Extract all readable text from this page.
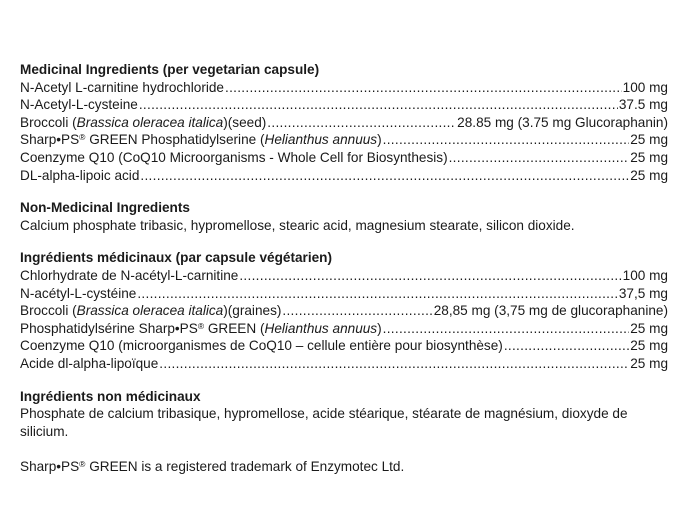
Medicinal Ingredients (per vegetarian capsule)
N-Acetyl L-carnitine hydrochloride .....	100 mg
N-Acetyl-L-cysteine .....	37.5 mg
Broccoli (Brassica oleracea italica)(seed) .....	28.85 mg (3.75 mg Glucoraphanin)
Sharp•PS® GREEN Phosphatidylserine (Helianthus annuus) .....	25 mg
Coenzyme Q10 (CoQ10 Microorganisms - Whole Cell for Biosynthesis) .....	25 mg
DL-alpha-lipoic acid .....	25 mg
Non-Medicinal Ingredients

Calcium phosphate tribasic, hypromellose, stearic acid, magnesium stearate, silicon dioxide.

Ingrédients médicinaux (par capsule végétarien)
Chlorhydrate de N-acétyl-L-carnitine .....	100 mg
N-acétyl-L-cystéine .....	37,5 mg
Broccoli (Brassica oleracea italica)(graines) .....	28,85 mg (3,75 mg de glucoraphanine)
Phosphatidylsérine Sharp•PS® GREEN (Helianthus annuus) .....	25 mg
Coenzyme Q10 (microorganismes de CoQ10 – cellule entière pour biosynthèse) .....	25 mg
Acide dl-alpha-lipoïque .....	25 mg
Ingrédients non médicinaux

Phosphate de calcium tribasique, hypromellose, acide stéarique, stéarate de magnésium, dioxyde de silicium.

Sharp•PS® GREEN is a registered trademark of Enzymotec Ltd.
